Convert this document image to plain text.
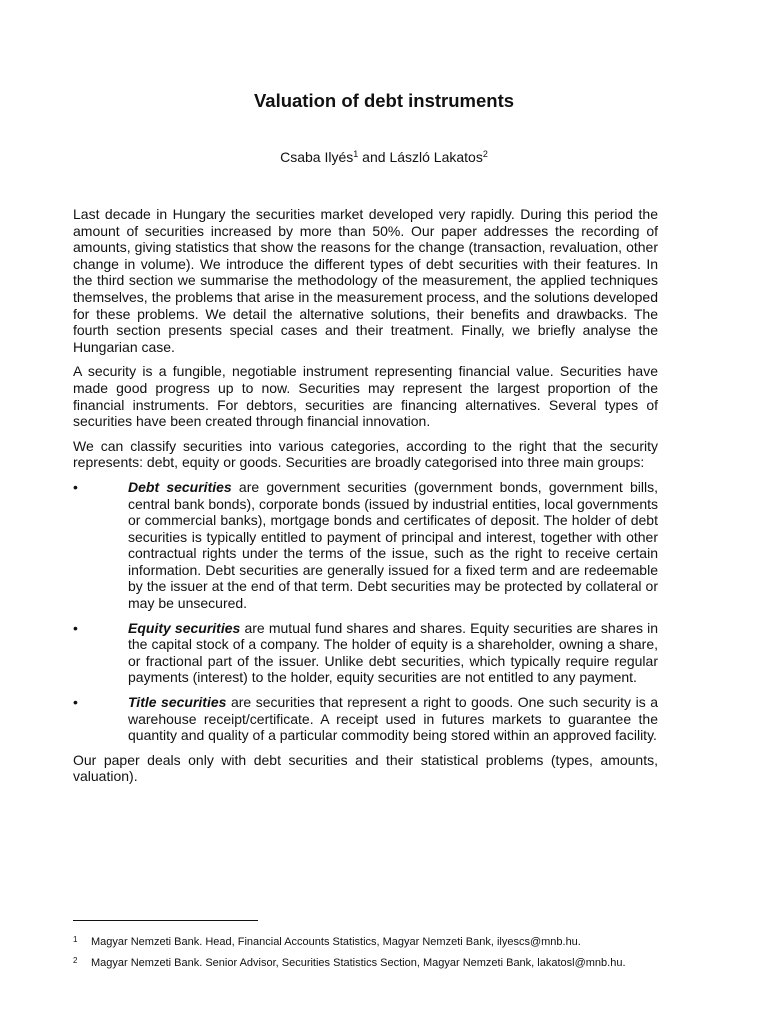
Valuation of debt instruments
Csaba Ilyés$^1$ and László Lakatos$^2$

Last decade in Hungary the securities market developed very rapidly. During this period the amount of securities increased by more than 50%. Our paper addresses the recording of amounts, giving statistics that show the reasons for the change (transaction, revaluation, other change in volume). We introduce the different types of debt securities with their features. In the third section we summarise the methodology of the measurement, the applied techniques themselves, the problems that arise in the measurement process, and the solutions developed for these problems. We detail the alternative solutions, their benefits and drawbacks. The fourth section presents special cases and their treatment. Finally, we briefly analyse the Hungarian case.

A security is a fungible, negotiable instrument representing financial value. Securities have made good progress up to now. Securities may represent the largest proportion of the financial instruments. For debtors, securities are financing alternatives. Several types of securities have been created through financial innovation.

We can classify securities into various categories, according to the right that the security represents: debt, equity or goods. Securities are broadly categorised into three main groups:

•	Debt securities are government securities (government bonds, government bills, central bank bonds), corporate bonds (issued by industrial entities, local governments or commercial banks), mortgage bonds and certificates of deposit. The holder of debt securities is typically entitled to payment of principal and interest, together with other contractual rights under the terms of the issue, such as the right to receive certain information. Debt securities are generally issued for a fixed term and are redeemable by the issuer at the end of that term. Debt securities may be protected by collateral or may be unsecured.
•	Equity securities are mutual fund shares and shares. Equity securities are shares in the capital stock of a company. The holder of equity is a shareholder, owning a share, or fractional part of the issuer. Unlike debt securities, which typically require regular payments (interest) to the holder, equity securities are not entitled to any payment.
•	Title securities are securities that represent a right to goods. One such security is a warehouse receipt/certificate. A receipt used in futures markets to guarantee the quantity and quality of a particular commodity being stored within an approved facility.

Our paper deals only with debt securities and their statistical problems (types, amounts, valuation).

1 Magyar Nemzeti Bank. Head, Financial Accounts Statistics, Magyar Nemzeti Bank, ilyescs@mnb.hu.
2 Magyar Nemzeti Bank. Senior Advisor, Securities Statistics Section, Magyar Nemzeti Bank, lakatosl@mnb.hu.
